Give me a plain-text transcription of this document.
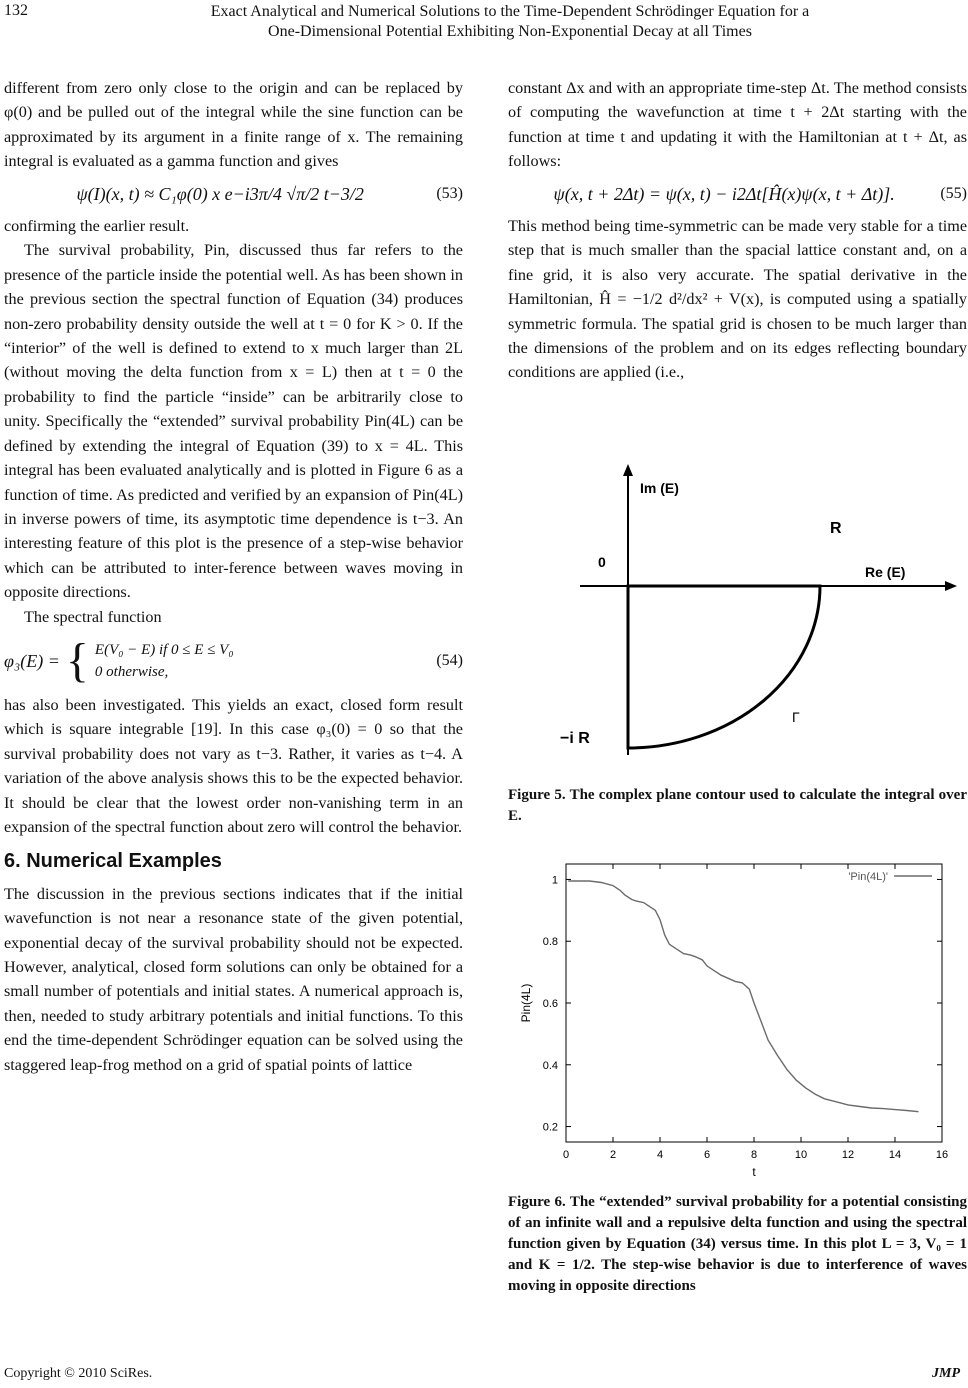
132	Exact Analytical and Numerical Solutions to the Time-Dependent Schrödinger Equation for a
One-Dimensional Potential Exhibiting Non-Exponential Decay at all Times

different from zero only close to the origin and can be replaced by φ(0) and be pulled out of the integral while the sine function can be approximated by its argument in a finite range of x. The remaining integral is evaluated as a gamma function and gives

ψ(I)(x, t) ≈ C₁φ(0) x e−i3π/4 √π/2 t−3/2	(53)

confirming the earlier result.

The survival probability, Pin, discussed thus far refers to the presence of the particle inside the potential well. As has been shown in the previous section the spectral function of Equation (34) produces non-zero probability density outside the well at t = 0 for K > 0. If the “interior” of the well is defined to extend to x much larger than 2L (without moving the delta function from x = L) then at t = 0 the probability to find the particle “inside” can be arbitrarily close to unity. Specifically the “extended” survival probability Pin(4L) can be defined by extending the integral of Equation (39) to x = 4L. This integral has been evaluated analytically and is plotted in Figure 6 as a function of time. As predicted and verified by an expansion of Pin(4L) in inverse powers of time, its asymptotic time dependence is t−3. An interesting feature of this plot is the presence of a step-wise behavior which can be attributed to inter-ference between waves moving in opposite directions.

The spectral function

φ₃(E) = { E(V₀ − E) if 0 ≤ E ≤ V₀
0 otherwise,
(54)

has also been investigated. This yields an exact, closed form result which is square integrable [19]. In this case φ₃(0) = 0 so that the survival probability does not vary as t−3. Rather, it varies as t−4. A variation of the above analysis shows this to be the expected behavior. It should be clear that the lowest order non-vanishing term in an expansion of the spectral function about zero will control the behavior.

6. Numerical Examples

The discussion in the previous sections indicates that if the initial wavefunction is not near a resonance state of the given potential, exponential decay of the survival probability should not be expected. However, analytical, closed form solutions can only be obtained for a small number of potentials and initial states. A numerical approach is, then, needed to study arbitrary potentials and initial functions. To this end the time-dependent Schrödinger equation can be solved using the staggered leap-frog method on a grid of spatial points of lattice

constant Δx and with an appropriate time-step Δt. The method consists of computing the wavefunction at time t + 2Δt starting with the function at time t and updating it with the Hamiltonian at t + Δt, as follows:

ψ(x, t + 2Δt) = ψ(x, t) − i2Δt[Ĥ(x)ψ(x, t + Δt)].	(55)

This method being time-symmetric can be made very stable for a time step that is much smaller than the spacial lattice constant and, on a fine grid, it is also very accurate. The spatial derivative in the Hamiltonian, Ĥ = −1/2 d²/dx² + V(x), is computed using a spatially symmetric formula. The spatial grid is chosen to be much larger than the dimensions of the problem and on its edges reflecting boundary conditions are applied (i.e.,

Im (E)
R
0
Re (E)
−i R
Γ
Figure 5. The complex plane contour used to calculate the integral over E.
0	2	4	6	8	10	12	14	16
0.2
0.4
0.6
0.8
1
t
Pin(4L)
'Pin(4L)'
Figure 6. The “extended” survival probability for a potential consisting of an infinite wall and a repulsive delta function and using the spectral function given by Equation (34) versus time. In this plot L = 3, V₀ = 1 and K = 1/2. The step-wise behavior is due to interference of waves moving in opposite directions
Copyright © 2010 SciRes.	JMP
